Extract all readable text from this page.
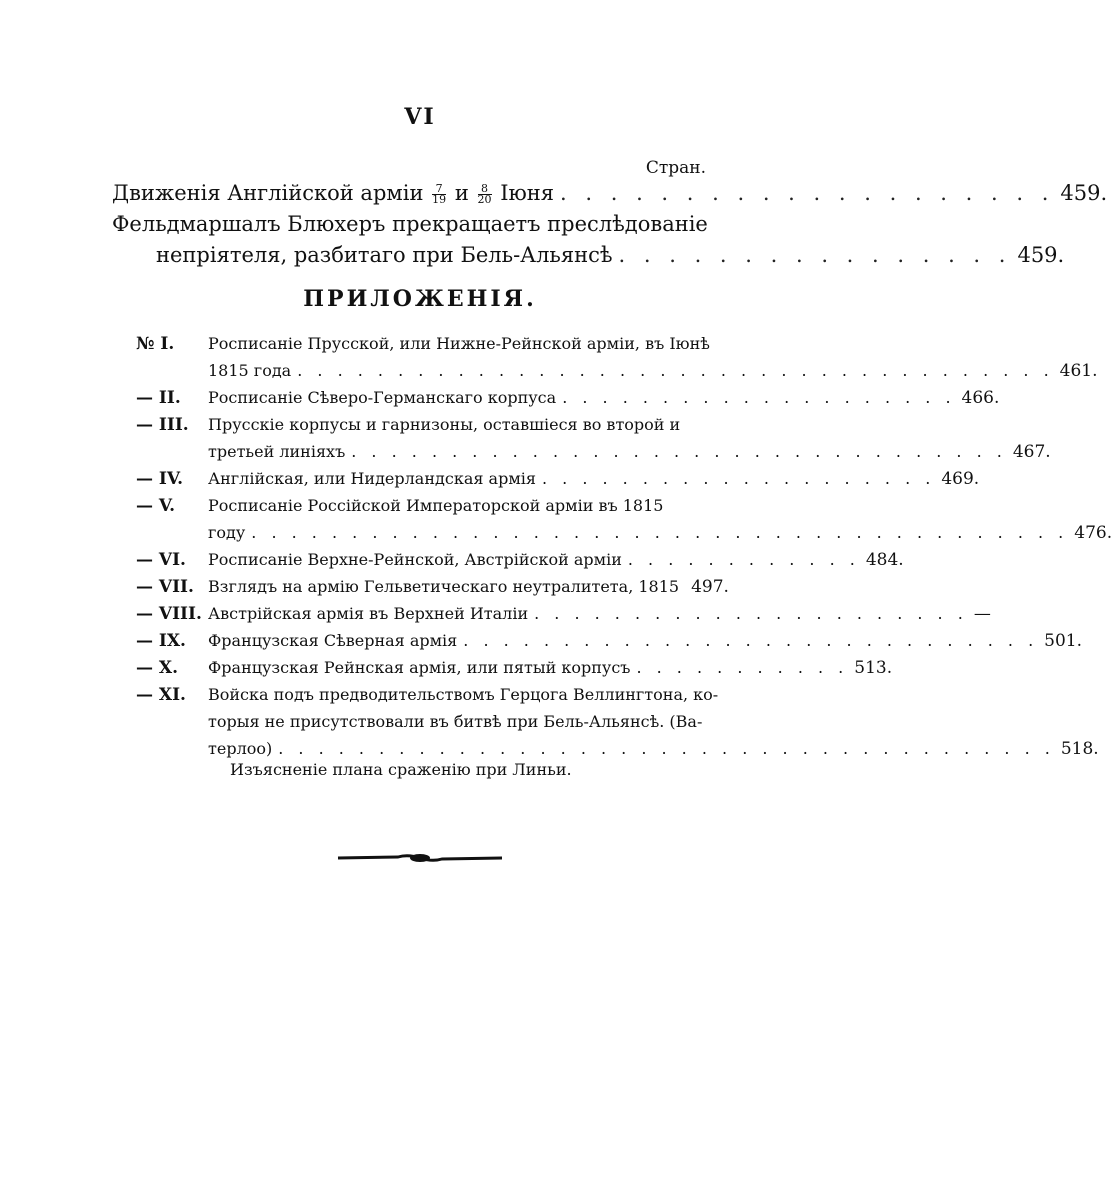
VI
Стран.
Движенія Англійской арміи $\frac{7}{19}$ и $\frac{8}{20}$ Іюня . . . . . . . . . . . . . . . . . . . . 459.
Фельдмаршалъ Блюхеръ прекращаетъ преслѣдованіе
непріятеля, разбитаго при Бель-Альянсѣ . . . . . . . . . . . . . . . . 459.
ПРИЛОЖЕНІЯ.
№ I. Росписаніе Прусской, или Нижне-Рейнской арміи, въ Іюнѣ
1815 года . . . . . . . . . . . . . . . . . . . . . . . . . . . . . . . . . . . . . . 461.
— II. Росписаніе Сѣверо-Германскаго корпуса . . . . . . . . . . . . . . . . . . . . 466.
— III. Прусскіе корпусы и гарнизоны, оставшіеся во второй и
третьей линіяхъ . . . . . . . . . . . . . . . . . . . . . . . . . . . . . . . . . 467.
— IV. Англійская, или Нидерландская армія . . . . . . . . . . . . . . . . . . . . 469.
— V. Росписаніе Россійской Императорской арміи въ 1815
году . . . . . . . . . . . . . . . . . . . . . . . . . . . . . . . . . . . . . . . . . 476.
— VI. Росписаніе Верхне-Рейнской, Австрійской арміи . . . . . . . . . . . . 484.
— VII. Взглядъ на армію Гельветическаго неутралитета, 1815 497.
— VIII. Австрійская армія въ Верхней Италіи . . . . . . . . . . . . . . . . . . . . . . —
— IX. Французская Сѣверная армія . . . . . . . . . . . . . . . . . . . . . . . . . . . . . 501.
— X. Французская Рейнская армія, или пятый корпусъ . . . . . . . . . . . 513.
— XI. Войска подъ предводительствомъ Герцога Веллингтона, ко-
торыя не присутствовали въ битвѣ при Бель-Альянсѣ. (Ва-
терлоо) . . . . . . . . . . . . . . . . . . . . . . . . . . . . . . . . . . . . . . . 518.
Изъясненіе плана сраженію при Линьи.
